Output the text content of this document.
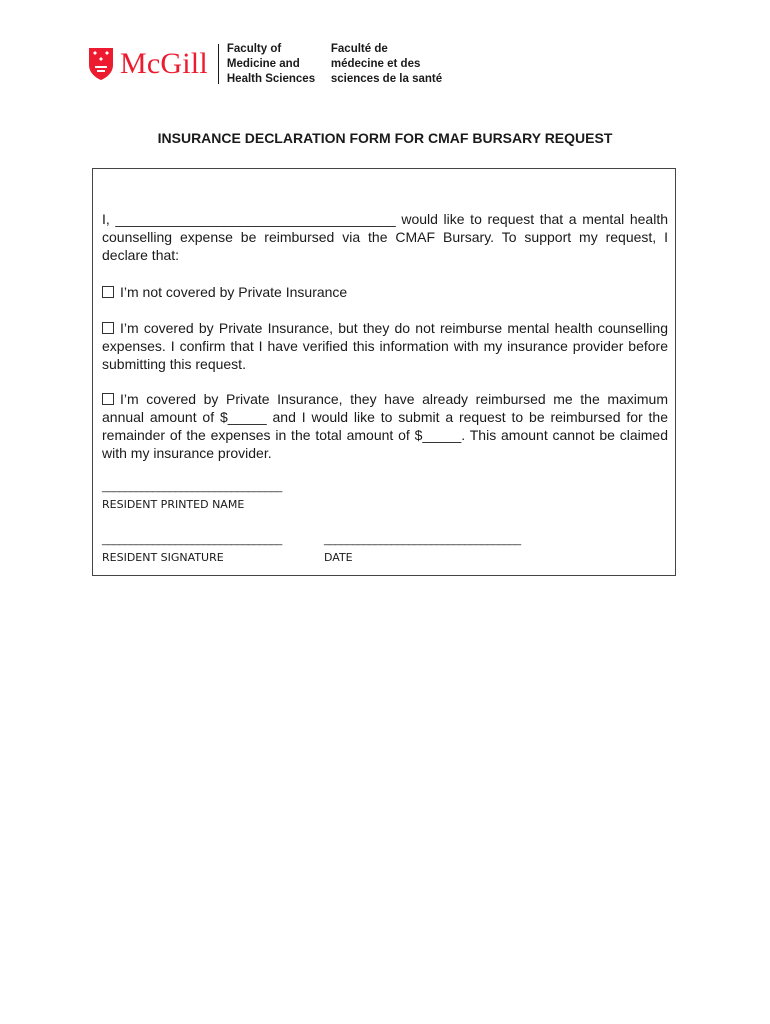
McGill Faculty of
Medicine and
Health Sciences
Faculté de
médecine et des
sciences de la santé
INSURANCE DECLARATION FORM FOR CMAF BURSARY REQUEST
I, ____________________________________ would like to request that a mental health counselling expense be reimbursed via the CMAF Bursary. To support my request, I declare that:
I’m not covered by Private Insurance
I’m covered by Private Insurance, but they do not reimburse mental health counselling expenses. I confirm that I have verified this information with my insurance provider before submitting this request.
I’m covered by Private Insurance, they have already reimbursed me the maximum annual amount of $_____ and I would like to submit a request to be reimbursed for the remainder of the expenses in the total amount of $_____. This amount cannot be claimed with my insurance provider.
________________________________
RESIDENT PRINTED NAME
________________________________
RESIDENT SIGNATURE
___________________________________
DATE
